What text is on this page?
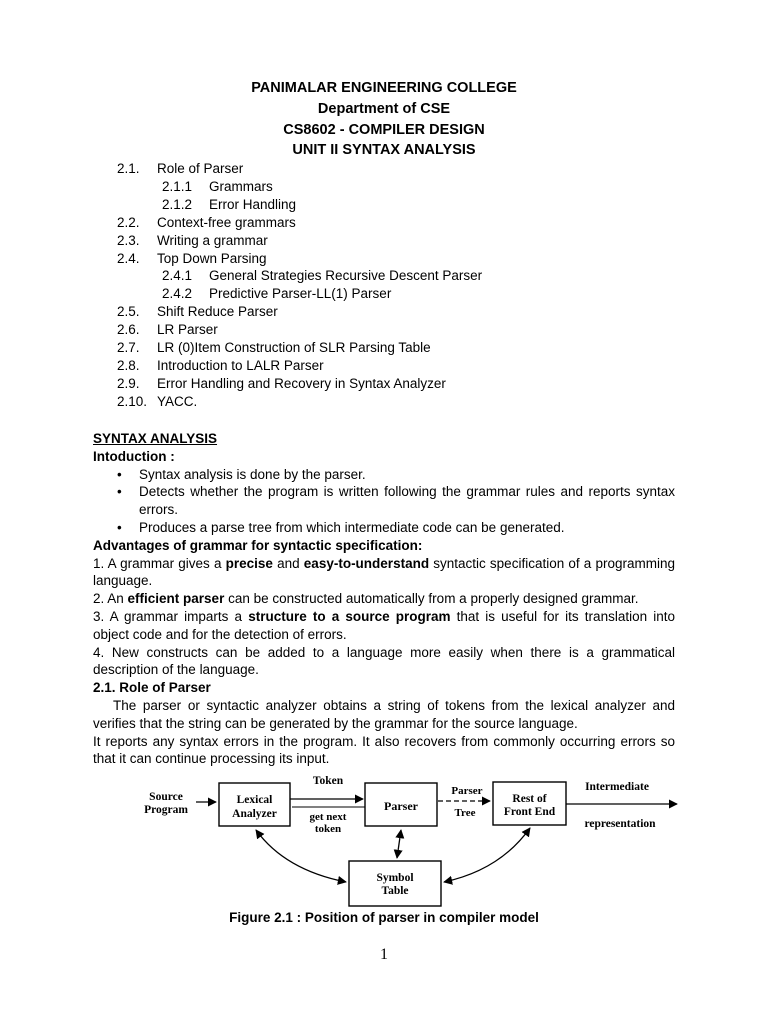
PANIMALAR ENGINEERING COLLEGE
Department of CSE
CS8602 - COMPILER DESIGN
UNIT II SYNTAX ANALYSIS
2.1. Role of Parser
2.1.1 Grammars
2.1.2 Error Handling
2.2. Context-free grammars
2.3. Writing a grammar
2.4. Top Down Parsing
2.4.1 General Strategies Recursive Descent Parser
2.4.2 Predictive Parser-LL(1) Parser
2.5. Shift Reduce Parser
2.6. LR Parser
2.7. LR (0)Item Construction of SLR Parsing Table
2.8. Introduction to LALR Parser
2.9. Error Handling and Recovery in Syntax Analyzer
2.10. YACC.
SYNTAX ANALYSIS
Intoduction :
• Syntax analysis is done by the parser.
• Detects whether the program is written following the grammar rules and reports syntax errors.
• Produces a parse tree from which intermediate code can be generated.
Advantages of grammar for syntactic specification:

1. A grammar gives a precise and easy-to-understand syntactic specification of a programming language.

2. An efficient parser can be constructed automatically from a properly designed grammar.

3. A grammar imparts a structure to a source program that is useful for its translation into object code and for the detection of errors.

4. New constructs can be added to a language more easily when there is a grammatical description of the language.

2.1. Role of Parser

The parser or syntactic analyzer obtains a string of tokens from the lexical analyzer and verifies that the string can be generated by the grammar for the source language.

It reports any syntax errors in the program. It also recovers from commonly occurring errors so that it can continue processing its input.

Source
Program
Lexical
Analyzer
Token
get next
token
Parser
Parser
Tree
Rest of
Front End
Intermediate
representation
Symbol
Table
Figure 2.1 : Position of parser in compiler model
1
